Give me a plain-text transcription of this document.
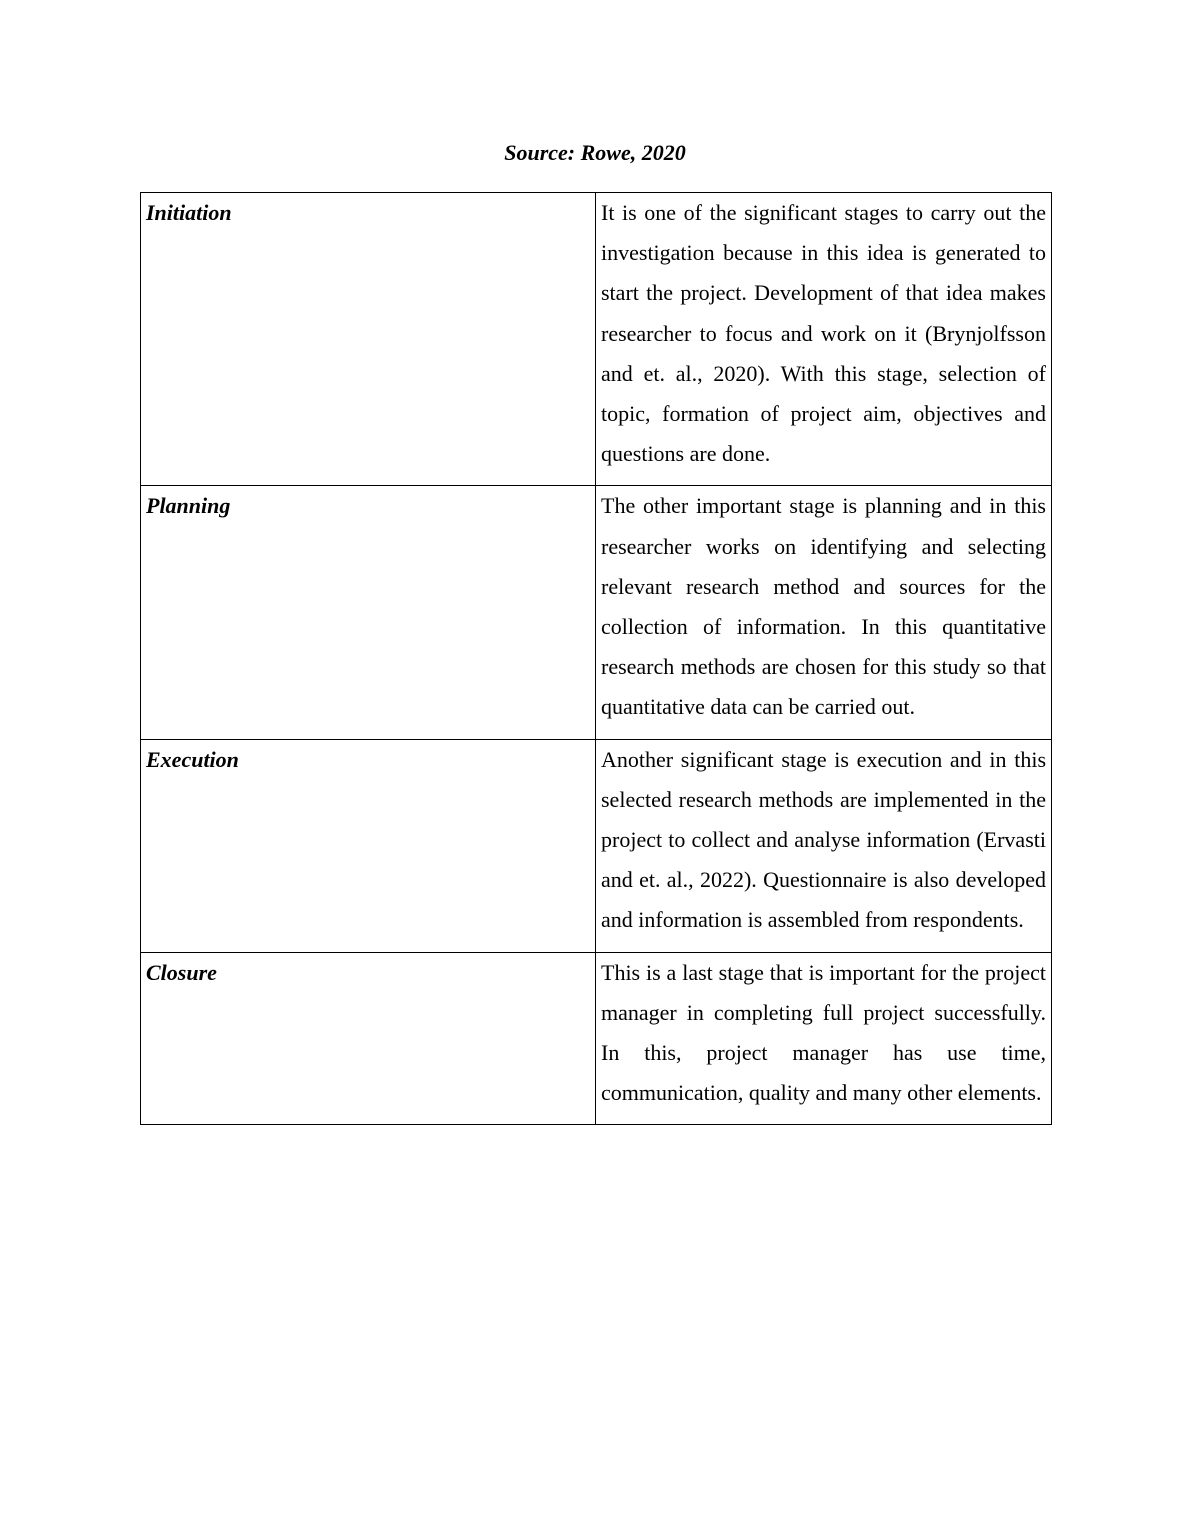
Source: Rowe, 2020

Initiation	It is one of the significant stages to carry out the investigation because in this idea is generated to start the project. Development of that idea makes researcher to focus and work on it (Brynjolfsson and et. al., 2020). With this stage, selection of topic, formation of project aim, objectives and questions are done.

Planning	The other important stage is planning and in this researcher works on identifying and selecting relevant research method and sources for the collection of information. In this quantitative research methods are chosen for this study so that quantitative data can be carried out.

Execution	Another significant stage is execution and in this selected research methods are implemented in the project to collect and analyse information (Ervasti and et. al., 2022). Questionnaire is also developed and information is assembled from respondents.

Closure	This is a last stage that is important for the project manager in completing full project successfully. In this, project manager has use time, communication, quality and many other elements.
